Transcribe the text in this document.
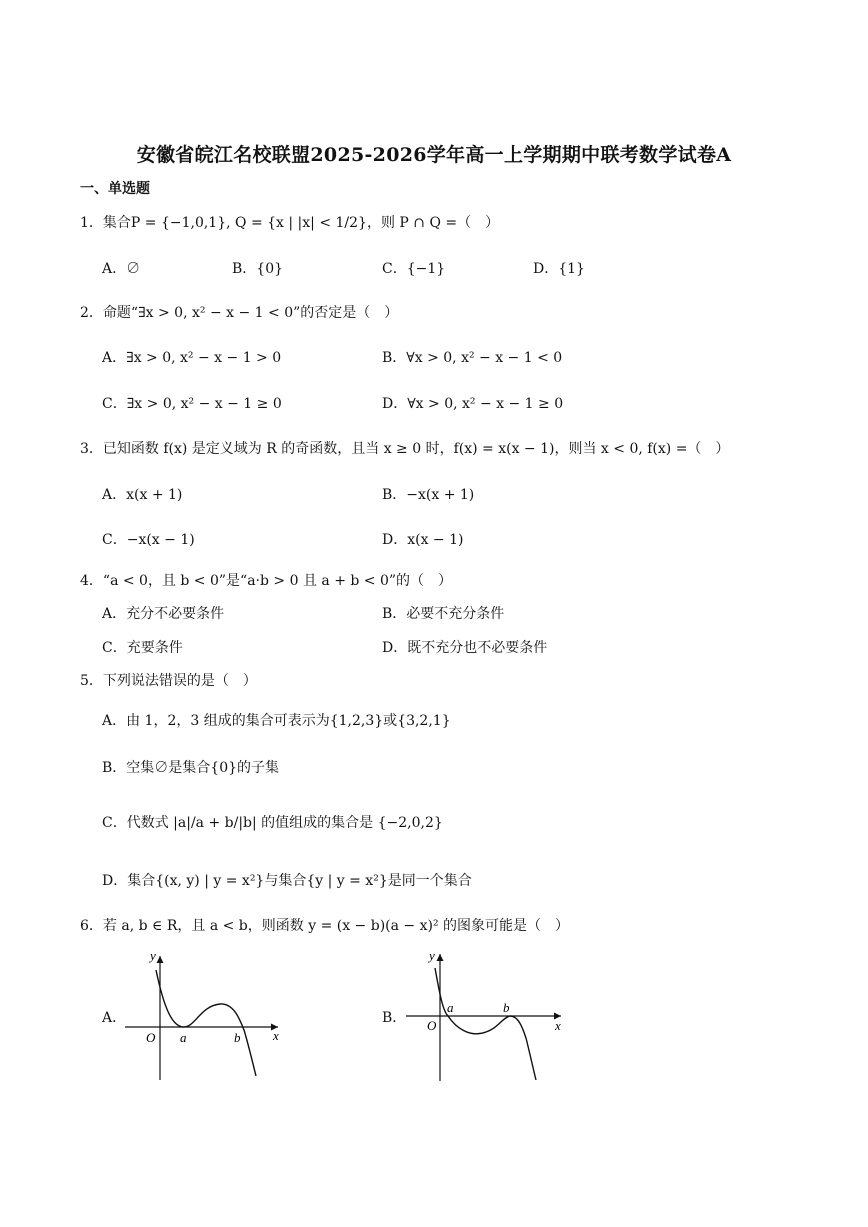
安徽省皖江名校联盟2025-2026学年高一上学期期中联考数学试卷A
一、单选题
1．集合P = {−1,0,1}, Q = {x | |x| < 1/2}，则 P ∩ Q =（　）
A．∅	B．{0}	C．{−1}	D．{1}
2．命题“∃x > 0, x² − x − 1 < 0”的否定是（　）
A．∃x > 0, x² − x − 1 > 0	B．∀x > 0, x² − x − 1 < 0
C．∃x > 0, x² − x − 1 ≥ 0	D．∀x > 0, x² − x − 1 ≥ 0
3．已知函数 f(x) 是定义域为 R 的奇函数，且当 x ≥ 0 时，f(x) = x(x − 1)，则当 x < 0, f(x) =（　）
A．x(x + 1)	B．−x(x + 1)
C．−x(x − 1)	D．x(x − 1)
4．“a < 0，且 b < 0”是“a·b > 0 且 a + b < 0”的（　）
A．充分不必要条件	B．必要不充分条件
C．充要条件	D．既不充分也不必要条件
5．下列说法错误的是（　）
A．由 1，2，3 组成的集合可表示为{1,2,3}或{3,2,1}
B．空集∅是集合{0}的子集
C．代数式 |a|/a + b/|b| 的值组成的集合是 {−2,0,2}
D．集合{(x, y) | y = x²}与集合{y | y = x²}是同一个集合
6．若 a, b ∈ R，且 a < b，则函数 y = (x − b)(a − x)² 的图象可能是（　）
A．	B．
y
x
O a	b
y
x
O
a	b
